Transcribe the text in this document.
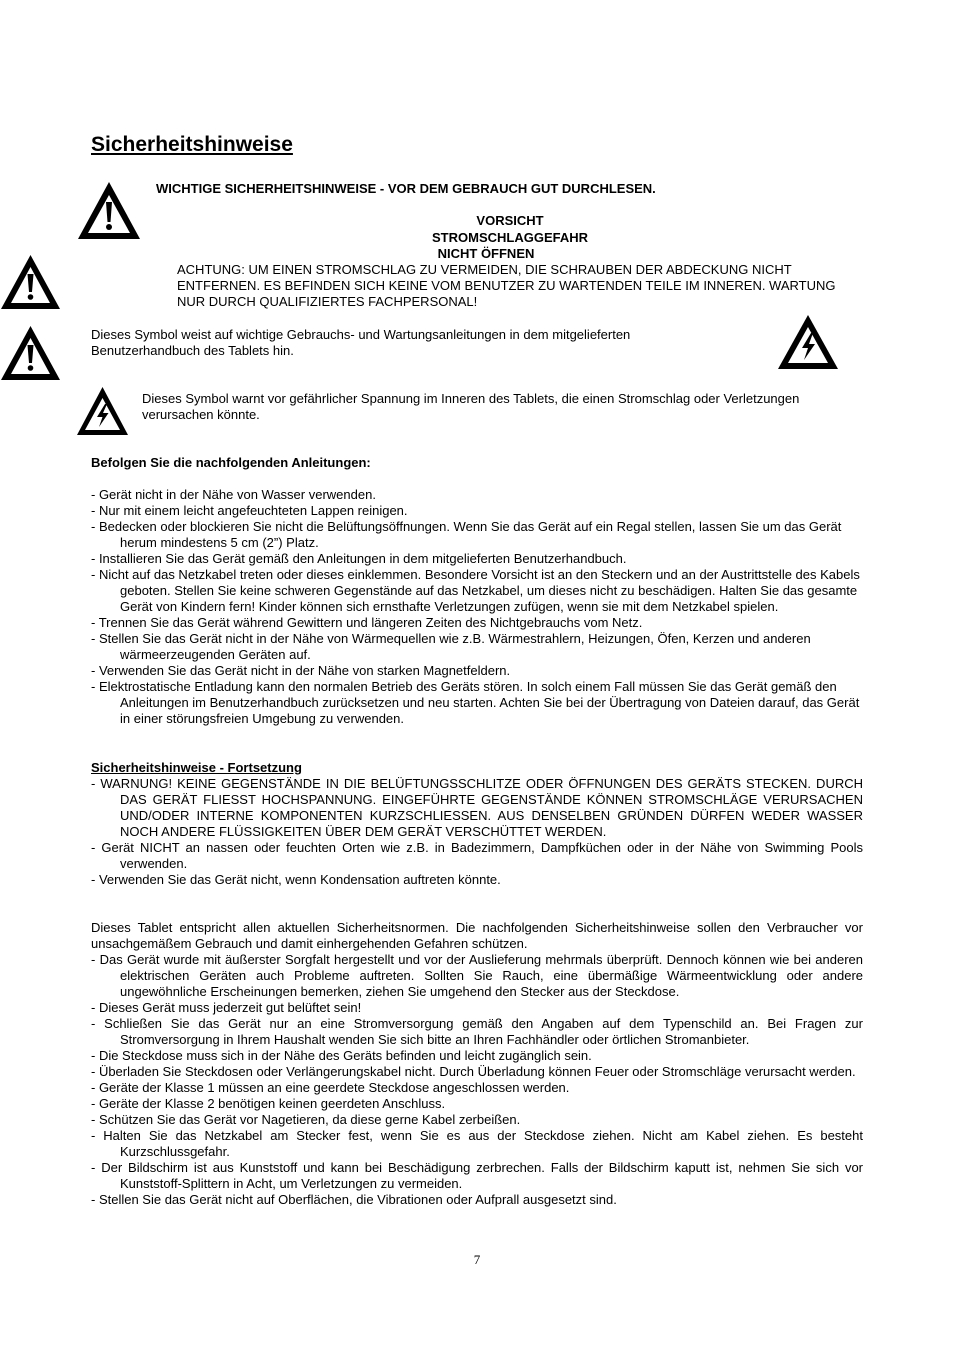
Sicherheitshinweise
WICHTIGE SICHERHEITSHINWEISE - VOR DEM GEBRAUCH GUT DURCHLESEN.
VORSICHT
STROMSCHLAGGEFAHR
NICHT ÖFFNEN
ACHTUNG: UM EINEN STROMSCHLAG ZU VERMEIDEN, DIE SCHRAUBEN DER ABDECKUNG NICHT ENTFERNEN. ES BEFINDEN SICH KEINE VOM BENUTZER ZU WARTENDEN TEILE IM INNEREN. WARTUNG NUR DURCH QUALIFIZIERTES FACHPERSONAL!
Dieses Symbol weist auf wichtige Gebrauchs- und Wartungsanleitungen in dem mitgelieferten Benutzerhandbuch des Tablets hin.
Dieses Symbol warnt vor gefährlicher Spannung im Inneren des Tablets, die einen Stromschlag oder Verletzungen verursachen könnte.
Befolgen Sie die nachfolgenden Anleitungen:
- Gerät nicht in der Nähe von Wasser verwenden.
- Nur mit einem leicht angefeuchteten Lappen reinigen.
- Bedecken oder blockieren Sie nicht die Belüftungsöffnungen. Wenn Sie das Gerät auf ein Regal stellen, lassen Sie um das Gerät herum mindestens 5 cm (2”) Platz.
- Installieren Sie das Gerät gemäß den Anleitungen in dem mitgelieferten Benutzerhandbuch.
- Nicht auf das Netzkabel treten oder dieses einklemmen. Besondere Vorsicht ist an den Steckern und an der Austrittstelle des Kabels geboten. Stellen Sie keine schweren Gegenstände auf das Netzkabel, um dieses nicht zu beschädigen. Halten Sie das gesamte Gerät von Kindern fern! Kinder können sich ernsthafte Verletzungen zufügen, wenn sie mit dem Netzkabel spielen.
- Trennen Sie das Gerät während Gewittern und längeren Zeiten des Nichtgebrauchs vom Netz.
- Stellen Sie das Gerät nicht in der Nähe von Wärmequellen wie z.B. Wärmestrahlern, Heizungen, Öfen, Kerzen und anderen wärmeerzeugenden Geräten auf.
- Verwenden Sie das Gerät nicht in der Nähe von starken Magnetfeldern.
- Elektrostatische Entladung kann den normalen Betrieb des Geräts stören. In solch einem Fall müssen Sie das Gerät gemäß den Anleitungen im Benutzerhandbuch zurücksetzen und neu starten. Achten Sie bei der Übertragung von Dateien darauf, das Gerät in einer störungsfreien Umgebung zu verwenden.
Sicherheitshinweise - Fortsetzung
- WARNUNG! KEINE GEGENSTÄNDE IN DIE BELÜFTUNGSSCHLITZE ODER ÖFFNUNGEN DES GERÄTS STECKEN. DURCH DAS GERÄT FLIESST HOCHSPANNUNG. EINGEFÜHRTE GEGENSTÄNDE KÖNNEN STROMSCHLÄGE VERURSACHEN UND/ODER INTERNE KOMPONENTEN KURZSCHLIESSEN. AUS DENSELBEN GRÜNDEN DÜRFEN WEDER WASSER NOCH ANDERE FLÜSSIGKEITEN ÜBER DEM GERÄT VERSCHÜTTET WERDEN.
- Gerät NICHT an nassen oder feuchten Orten wie z.B. in Badezimmern, Dampfküchen oder in der Nähe von Swimming Pools verwenden.
- Verwenden Sie das Gerät nicht, wenn Kondensation auftreten könnte.
Dieses Tablet entspricht allen aktuellen Sicherheitsnormen. Die nachfolgenden Sicherheitshinweise sollen den Verbraucher vor unsachgemäßem Gebrauch und damit einhergehenden Gefahren schützen.
- Das Gerät wurde mit äußerster Sorgfalt hergestellt und vor der Auslieferung mehrmals überprüft. Dennoch können wie bei anderen elektrischen Geräten auch Probleme auftreten. Sollten Sie Rauch, eine übermäßige Wärmeentwicklung oder andere ungewöhnliche Erscheinungen bemerken, ziehen Sie umgehend den Stecker aus der Steckdose.
- Dieses Gerät muss jederzeit gut belüftet sein!
- Schließen Sie das Gerät nur an eine Stromversorgung gemäß den Angaben auf dem Typenschild an. Bei Fragen zur Stromversorgung in Ihrem Haushalt wenden Sie sich bitte an Ihren Fachhändler oder örtlichen Stromanbieter.
- Die Steckdose muss sich in der Nähe des Geräts befinden und leicht zugänglich sein.
- Überladen Sie Steckdosen oder Verlängerungskabel nicht. Durch Überladung können Feuer oder Stromschläge verursacht werden.
- Geräte der Klasse 1 müssen an eine geerdete Steckdose angeschlossen werden.
- Geräte der Klasse 2 benötigen keinen geerdeten Anschluss.
- Schützen Sie das Gerät vor Nagetieren, da diese gerne Kabel zerbeißen.
- Halten Sie das Netzkabel am Stecker fest, wenn Sie es aus der Steckdose ziehen. Nicht am Kabel ziehen. Es besteht Kurzschlussgefahr.
- Der Bildschirm ist aus Kunststoff und kann bei Beschädigung zerbrechen. Falls der Bildschirm kaputt ist, nehmen Sie sich vor Kunststoff-Splittern in Acht, um Verletzungen zu vermeiden.
- Stellen Sie das Gerät nicht auf Oberflächen, die Vibrationen oder Aufprall ausgesetzt sind.
7
